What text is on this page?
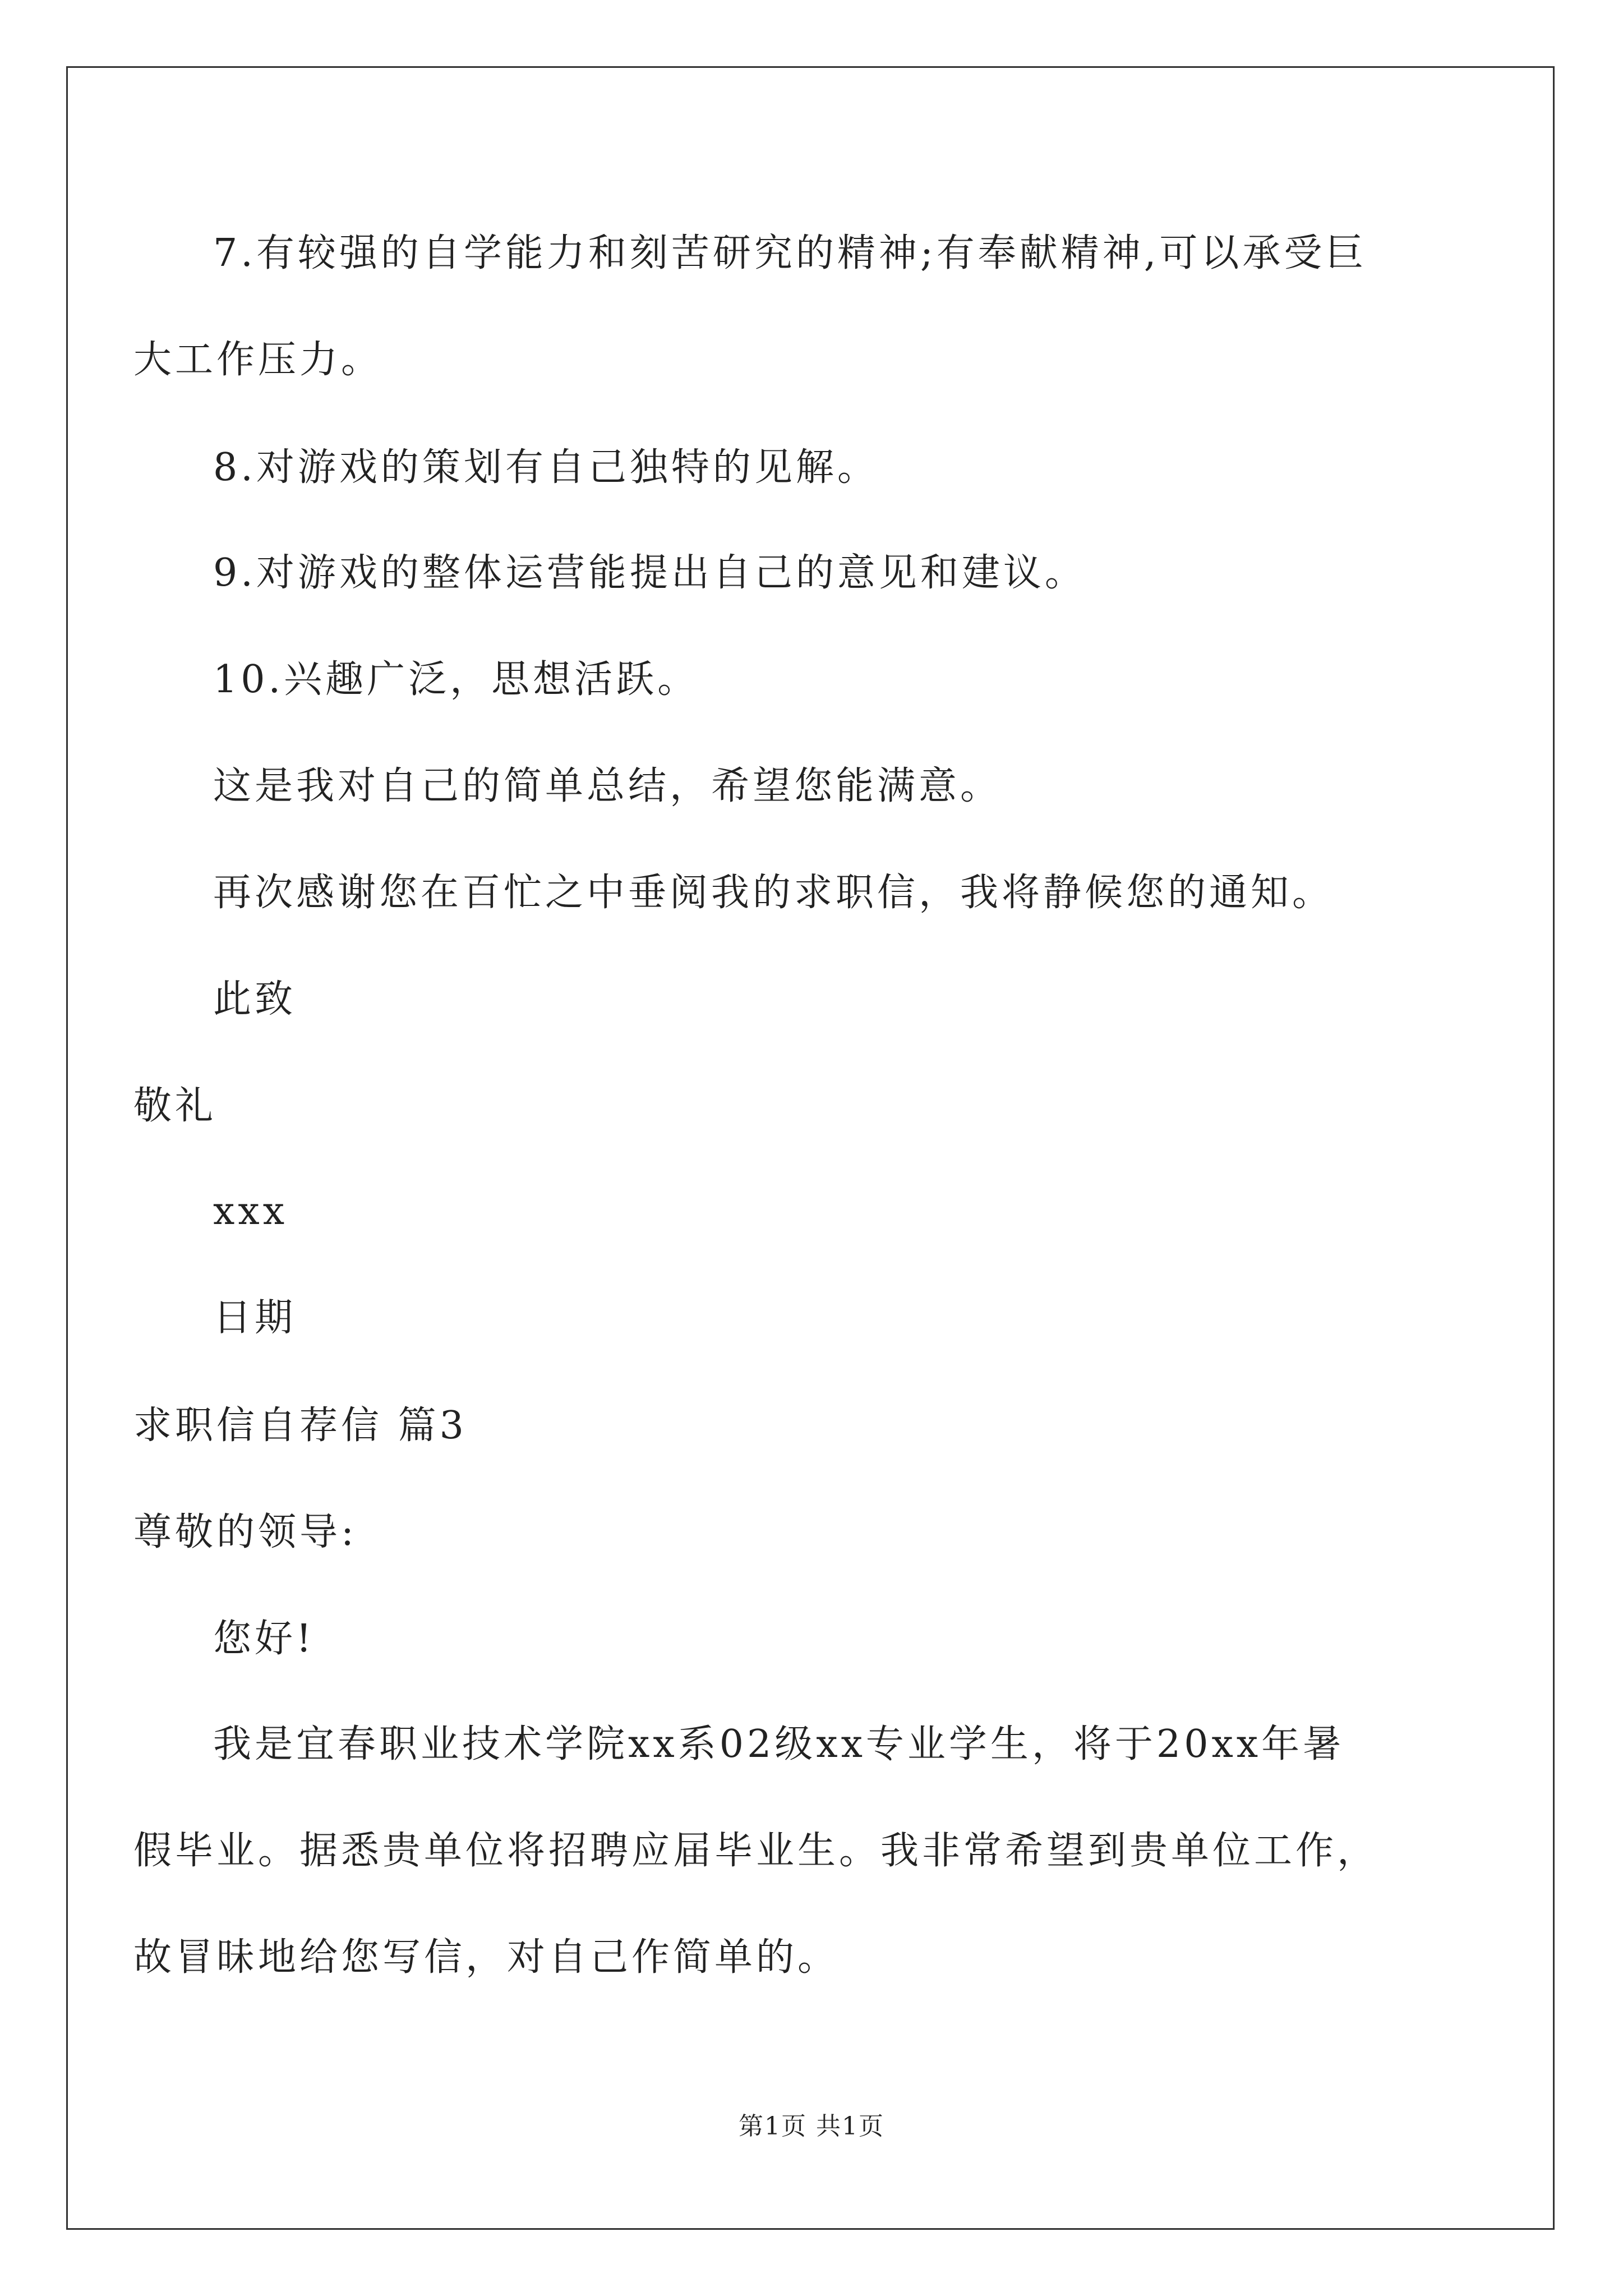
7.有较强的自学能力和刻苦研究的精神;有奉献精神,可以承受巨
大工作压力。
8.对游戏的策划有自己独特的见解。
9.对游戏的整体运营能提出自己的意见和建议。
10.兴趣广泛，思想活跃。
这是我对自己的简单总结，希望您能满意。
再次感谢您在百忙之中垂阅我的求职信，我将静候您的通知。
此致
敬礼
xxx
日期
求职信自荐信 篇3
尊敬的领导:
您好!
我是宜春职业技术学院xx系02级xx专业学生，将于20xx年暑
假毕业。据悉贵单位将招聘应届毕业生。我非常希望到贵单位工作，
故冒昧地给您写信，对自己作简单的。
第1页 共1页
